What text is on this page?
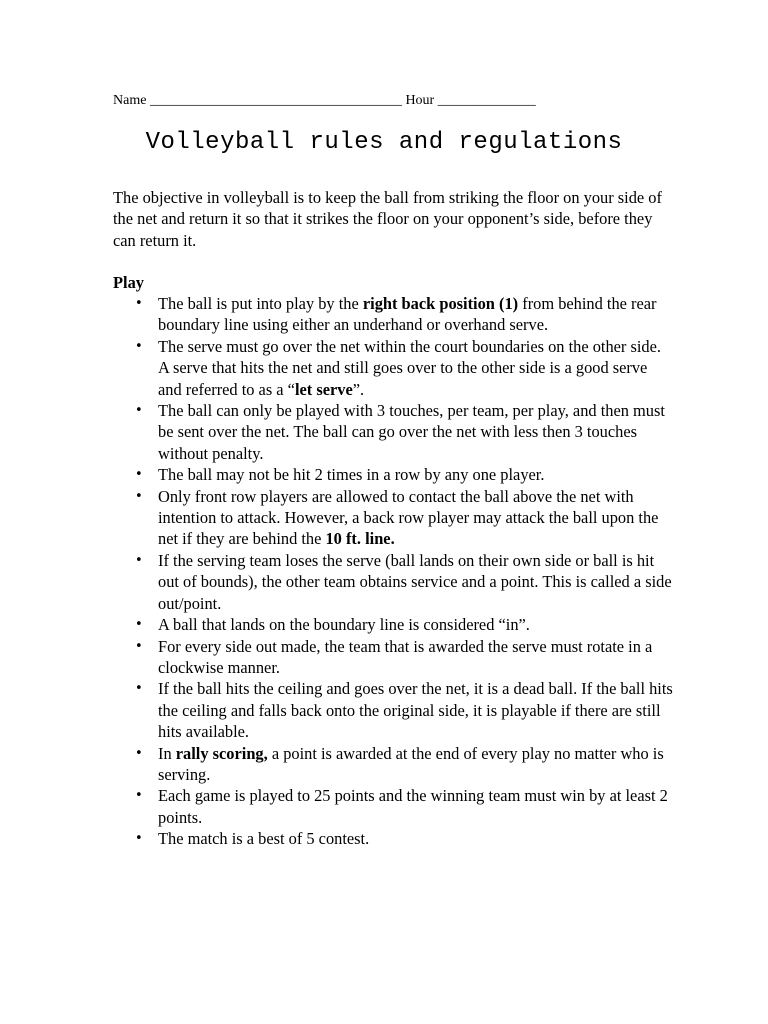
Name ____________________________________ Hour ______________
Volleyball rules and regulations

The objective in volleyball is to keep the ball from striking the floor on your side of the net and return it so that it strikes the floor on your opponent’s side, before they can return it.

Play

• The ball is put into play by the right back position (1) from behind the rear boundary line using either an underhand or overhand serve.
• The serve must go over the net within the court boundaries on the other side. A serve that hits the net and still goes over to the other side is a good serve and referred to as a “let serve”.
• The ball can only be played with 3 touches, per team, per play, and then must be sent over the net. The ball can go over the net with less then 3 touches without penalty.
• The ball may not be hit 2 times in a row by any one player.
• Only front row players are allowed to contact the ball above the net with intention to attack. However, a back row player may attack the ball upon the net if they are behind the 10 ft. line.
• If the serving team loses the serve (ball lands on their own side or ball is hit out of bounds), the other team obtains service and a point. This is called a side out/point.
• A ball that lands on the boundary line is considered “in”.
• For every side out made, the team that is awarded the serve must rotate in a clockwise manner.
• If the ball hits the ceiling and goes over the net, it is a dead ball. If the ball hits the ceiling and falls back onto the original side, it is playable if there are still hits available.
• In rally scoring, a point is awarded at the end of every play no matter who is serving.
• Each game is played to 25 points and the winning team must win by at least 2 points.
• The match is a best of 5 contest.
